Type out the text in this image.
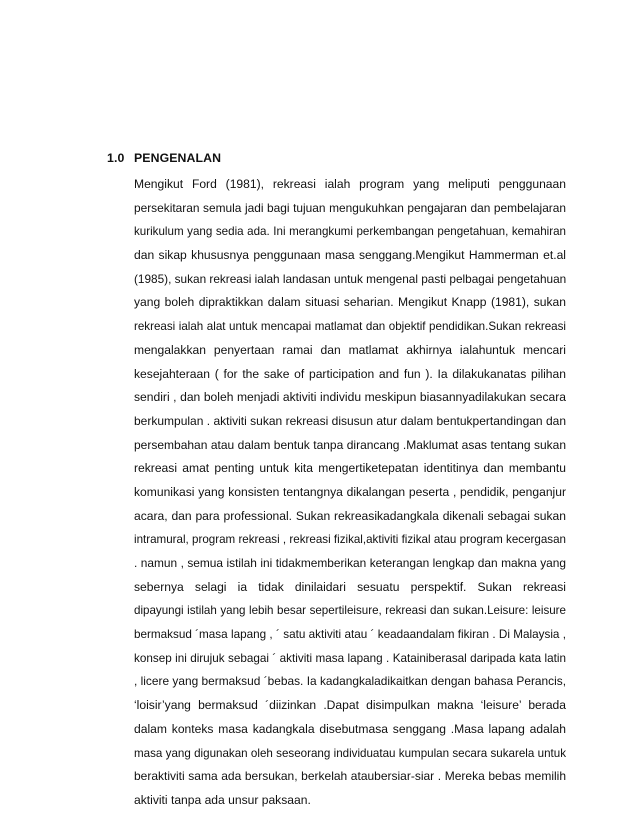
1.0 PENGENALAN
Mengikut Ford (1981), rekreasi ialah program yang meliputi penggunaan
persekitaran semula jadi bagi tujuan mengukuhkan pengajaran dan pembelajaran
kurikulum yang sedia ada. Ini merangkumi perkembangan pengetahuan, kemahiran
dan sikap khususnya penggunaan masa senggang.Mengikut Hammerman et.al
(1985), sukan rekreasi ialah landasan untuk mengenal pasti pelbagai pengetahuan
yang boleh dipraktikkan dalam situasi seharian. Mengikut Knapp (1981), sukan
rekreasi ialah alat untuk mencapai matlamat dan objektif pendidikan.Sukan rekreasi
mengalakkan penyertaan ramai dan matlamat akhirnya ialahuntuk mencari
kesejahteraan ( for the sake of participation and fun ). Ia dilakukanatas pilihan
sendiri , dan boleh menjadi aktiviti individu meskipun biasannyadilakukan secara
berkumpulan . aktiviti sukan rekreasi disusun atur dalam bentukpertandingan dan
persembahan atau dalam bentuk tanpa dirancang .Maklumat asas tentang sukan
rekreasi amat penting untuk kita mengertiketepatan identitinya dan membantu
komunikasi yang konsisten tentangnya dikalangan peserta , pendidik, penganjur
acara, dan para professional. Sukan rekreasikadangkala dikenali sebagai sukan
intramural, program rekreasi , rekreasi fizikal,aktiviti fizikal atau program kecergasan
. namun , semua istilah ini tidakmemberikan keterangan lengkap dan makna yang
sebernya selagi ia tidak dinilaidari sesuatu perspektif. Sukan rekreasi
dipayungi istilah yang lebih besar sepertileisure, rekreasi dan sukan.Leisure: leisure
bermaksud ´masa lapang , ´ satu aktiviti atau ´ keadaandalam fikiran . Di Malaysia ,
konsep ini dirujuk sebagai ´ aktiviti masa lapang . Katainiberasal daripada kata latin
, licere yang bermaksud ´bebas. Ia kadangkaladikaitkan dengan bahasa Perancis,
‘loisir’yang bermaksud ´diizinkan .Dapat disimpulkan makna ‘leisure’ berada
dalam konteks masa kadangkala disebutmasa senggang .Masa lapang adalah
masa yang digunakan oleh seseorang individuatau kumpulan secara sukarela untuk
beraktiviti sama ada bersukan, berkelah ataubersiar-siar . Mereka bebas memilih
aktiviti tanpa ada unsur paksaan.
